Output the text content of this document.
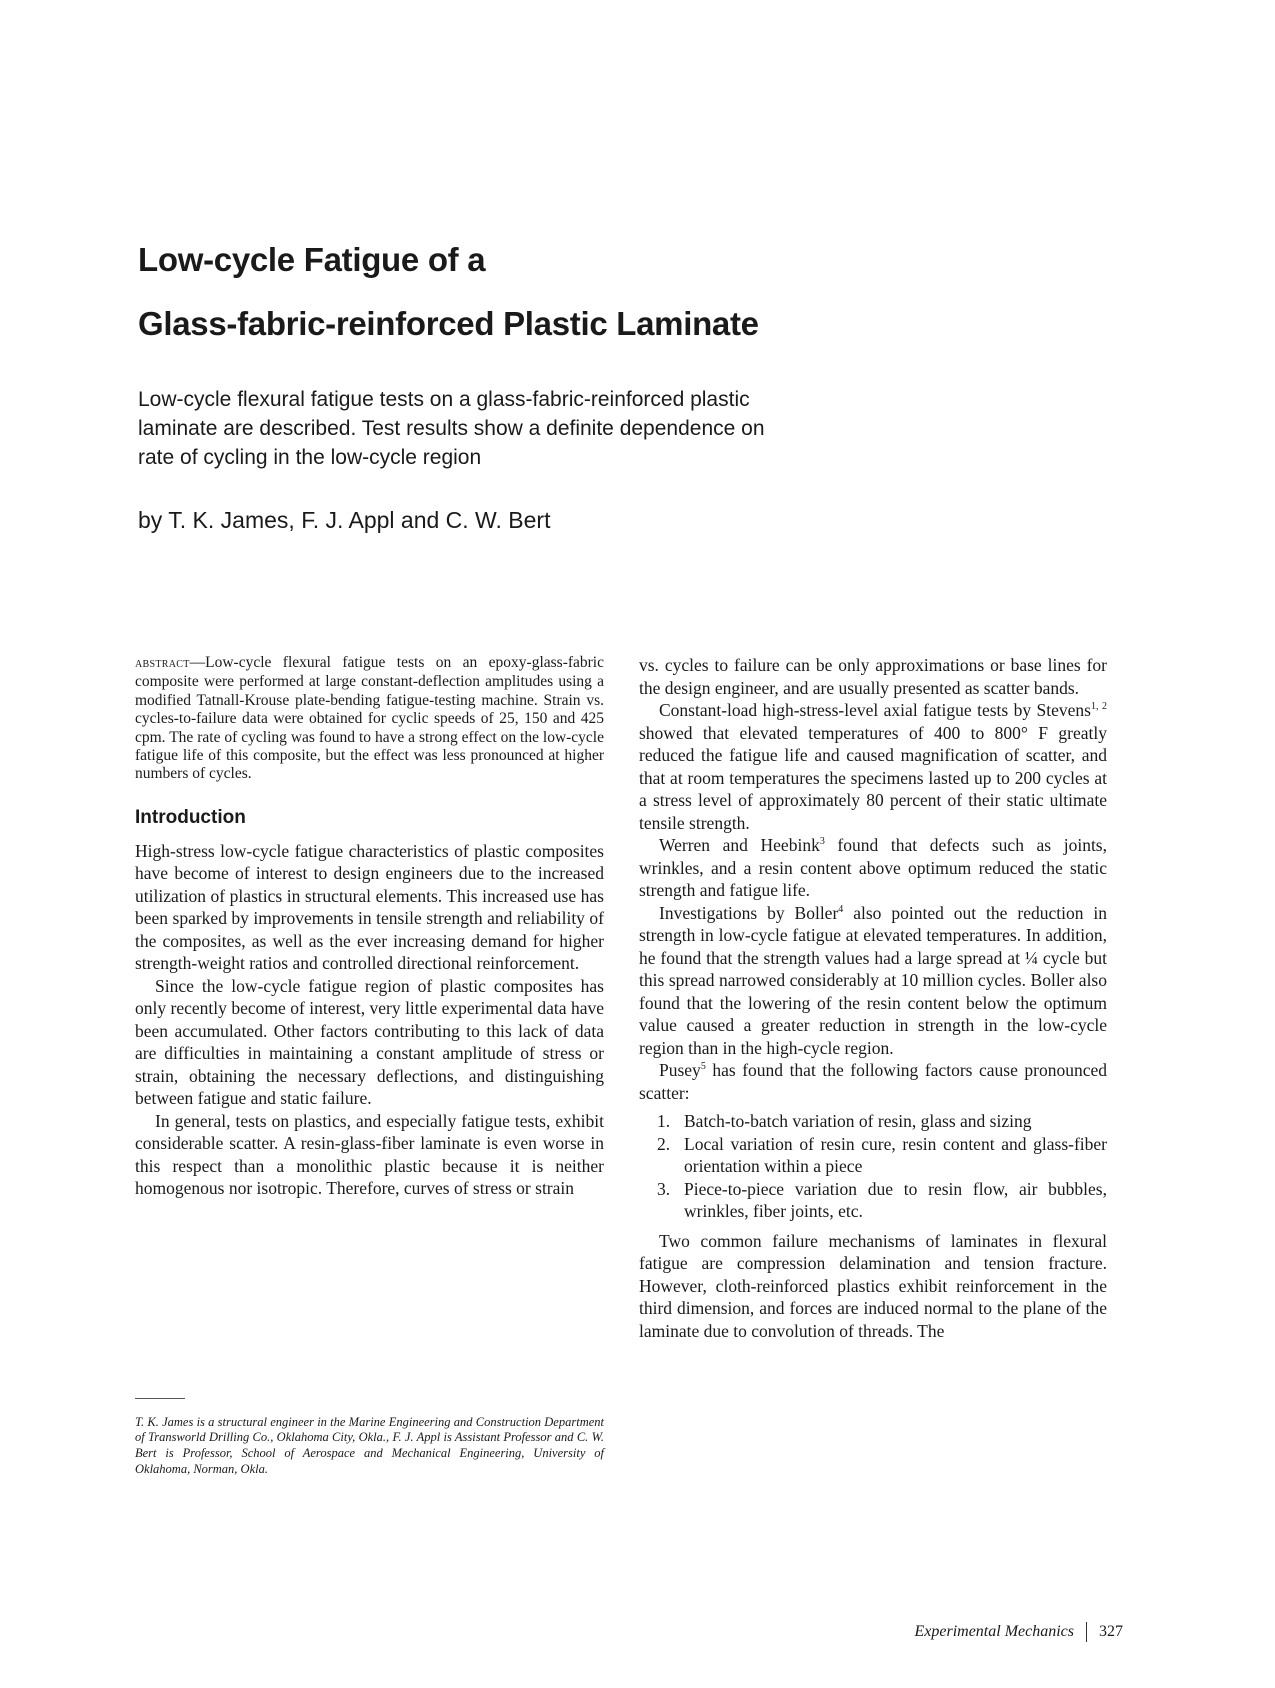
Low-cycle Fatigue of a
Glass-fabric-reinforced Plastic Laminate

Low-cycle flexural fatigue tests on a glass-fabric-reinforced plastic laminate are described. Test results show a definite dependence on rate of cycling in the low-cycle region

by T. K. James, F. J. Appl and C. W. Bert

abstract—Low-cycle flexural fatigue tests on an epoxy-glass-fabric composite were performed at large constant-deflection amplitudes using a modified Tatnall-Krouse plate-bending fatigue-testing machine. Strain vs. cycles-to-failure data were obtained for cyclic speeds of 25, 150 and 425 cpm. The rate of cycling was found to have a strong effect on the low-cycle fatigue life of this composite, but the effect was less pronounced at higher numbers of cycles.

Introduction

High-stress low-cycle fatigue characteristics of plastic composites have become of interest to design engineers due to the increased utilization of plastics in structural elements. This increased use has been sparked by improvements in tensile strength and reliability of the composites, as well as the ever increasing demand for higher strength-weight ratios and controlled directional reinforcement.

Since the low-cycle fatigue region of plastic composites has only recently become of interest, very little experimental data have been accumulated. Other factors contributing to this lack of data are difficulties in maintaining a constant amplitude of stress or strain, obtaining the necessary deflections, and distinguishing between fatigue and static failure.

In general, tests on plastics, and especially fatigue tests, exhibit considerable scatter. A resin-glass-fiber laminate is even worse in this respect than a monolithic plastic because it is neither homogenous nor isotropic. Therefore, curves of stress or strain

vs. cycles to failure can be only approximations or base lines for the design engineer, and are usually presented as scatter bands.

Constant-load high-stress-level axial fatigue tests by Stevens$^{1, 2}$ showed that elevated temperatures of 400 to 800° F greatly reduced the fatigue life and caused magnification of scatter, and that at room temperatures the specimens lasted up to 200 cycles at a stress level of approximately 80 percent of their static ultimate tensile strength.

Werren and Heebink$^3$ found that defects such as joints, wrinkles, and a resin content above optimum reduced the static strength and fatigue life.

Investigations by Boller$^4$ also pointed out the reduction in strength in low-cycle fatigue at elevated temperatures. In addition, he found that the strength values had a large spread at ¼ cycle but this spread narrowed considerably at 10 million cycles. Boller also found that the lowering of the resin content below the optimum value caused a greater reduction in strength in the low-cycle region than in the high-cycle region.

Pusey$^5$ has found that the following factors cause pronounced scatter:

1. Batch-to-batch variation of resin, glass and sizing
2. Local variation of resin cure, resin content and glass-fiber orientation within a piece
3. Piece-to-piece variation due to resin flow, air bubbles, wrinkles, fiber joints, etc.

Two common failure mechanisms of laminates in flexural fatigue are compression delamination and tension fracture. However, cloth-reinforced plastics exhibit reinforcement in the third dimension, and forces are induced normal to the plane of the laminate due to convolution of threads. The

T. K. James is a structural engineer in the Marine Engineering and Construction Department of Transworld Drilling Co., Oklahoma City, Okla., F. J. Appl is Assistant Professor and C. W. Bert is Professor, School of Aerospace and Mechanical Engineering, University of Oklahoma, Norman, Okla.

Experimental Mechanics 327
